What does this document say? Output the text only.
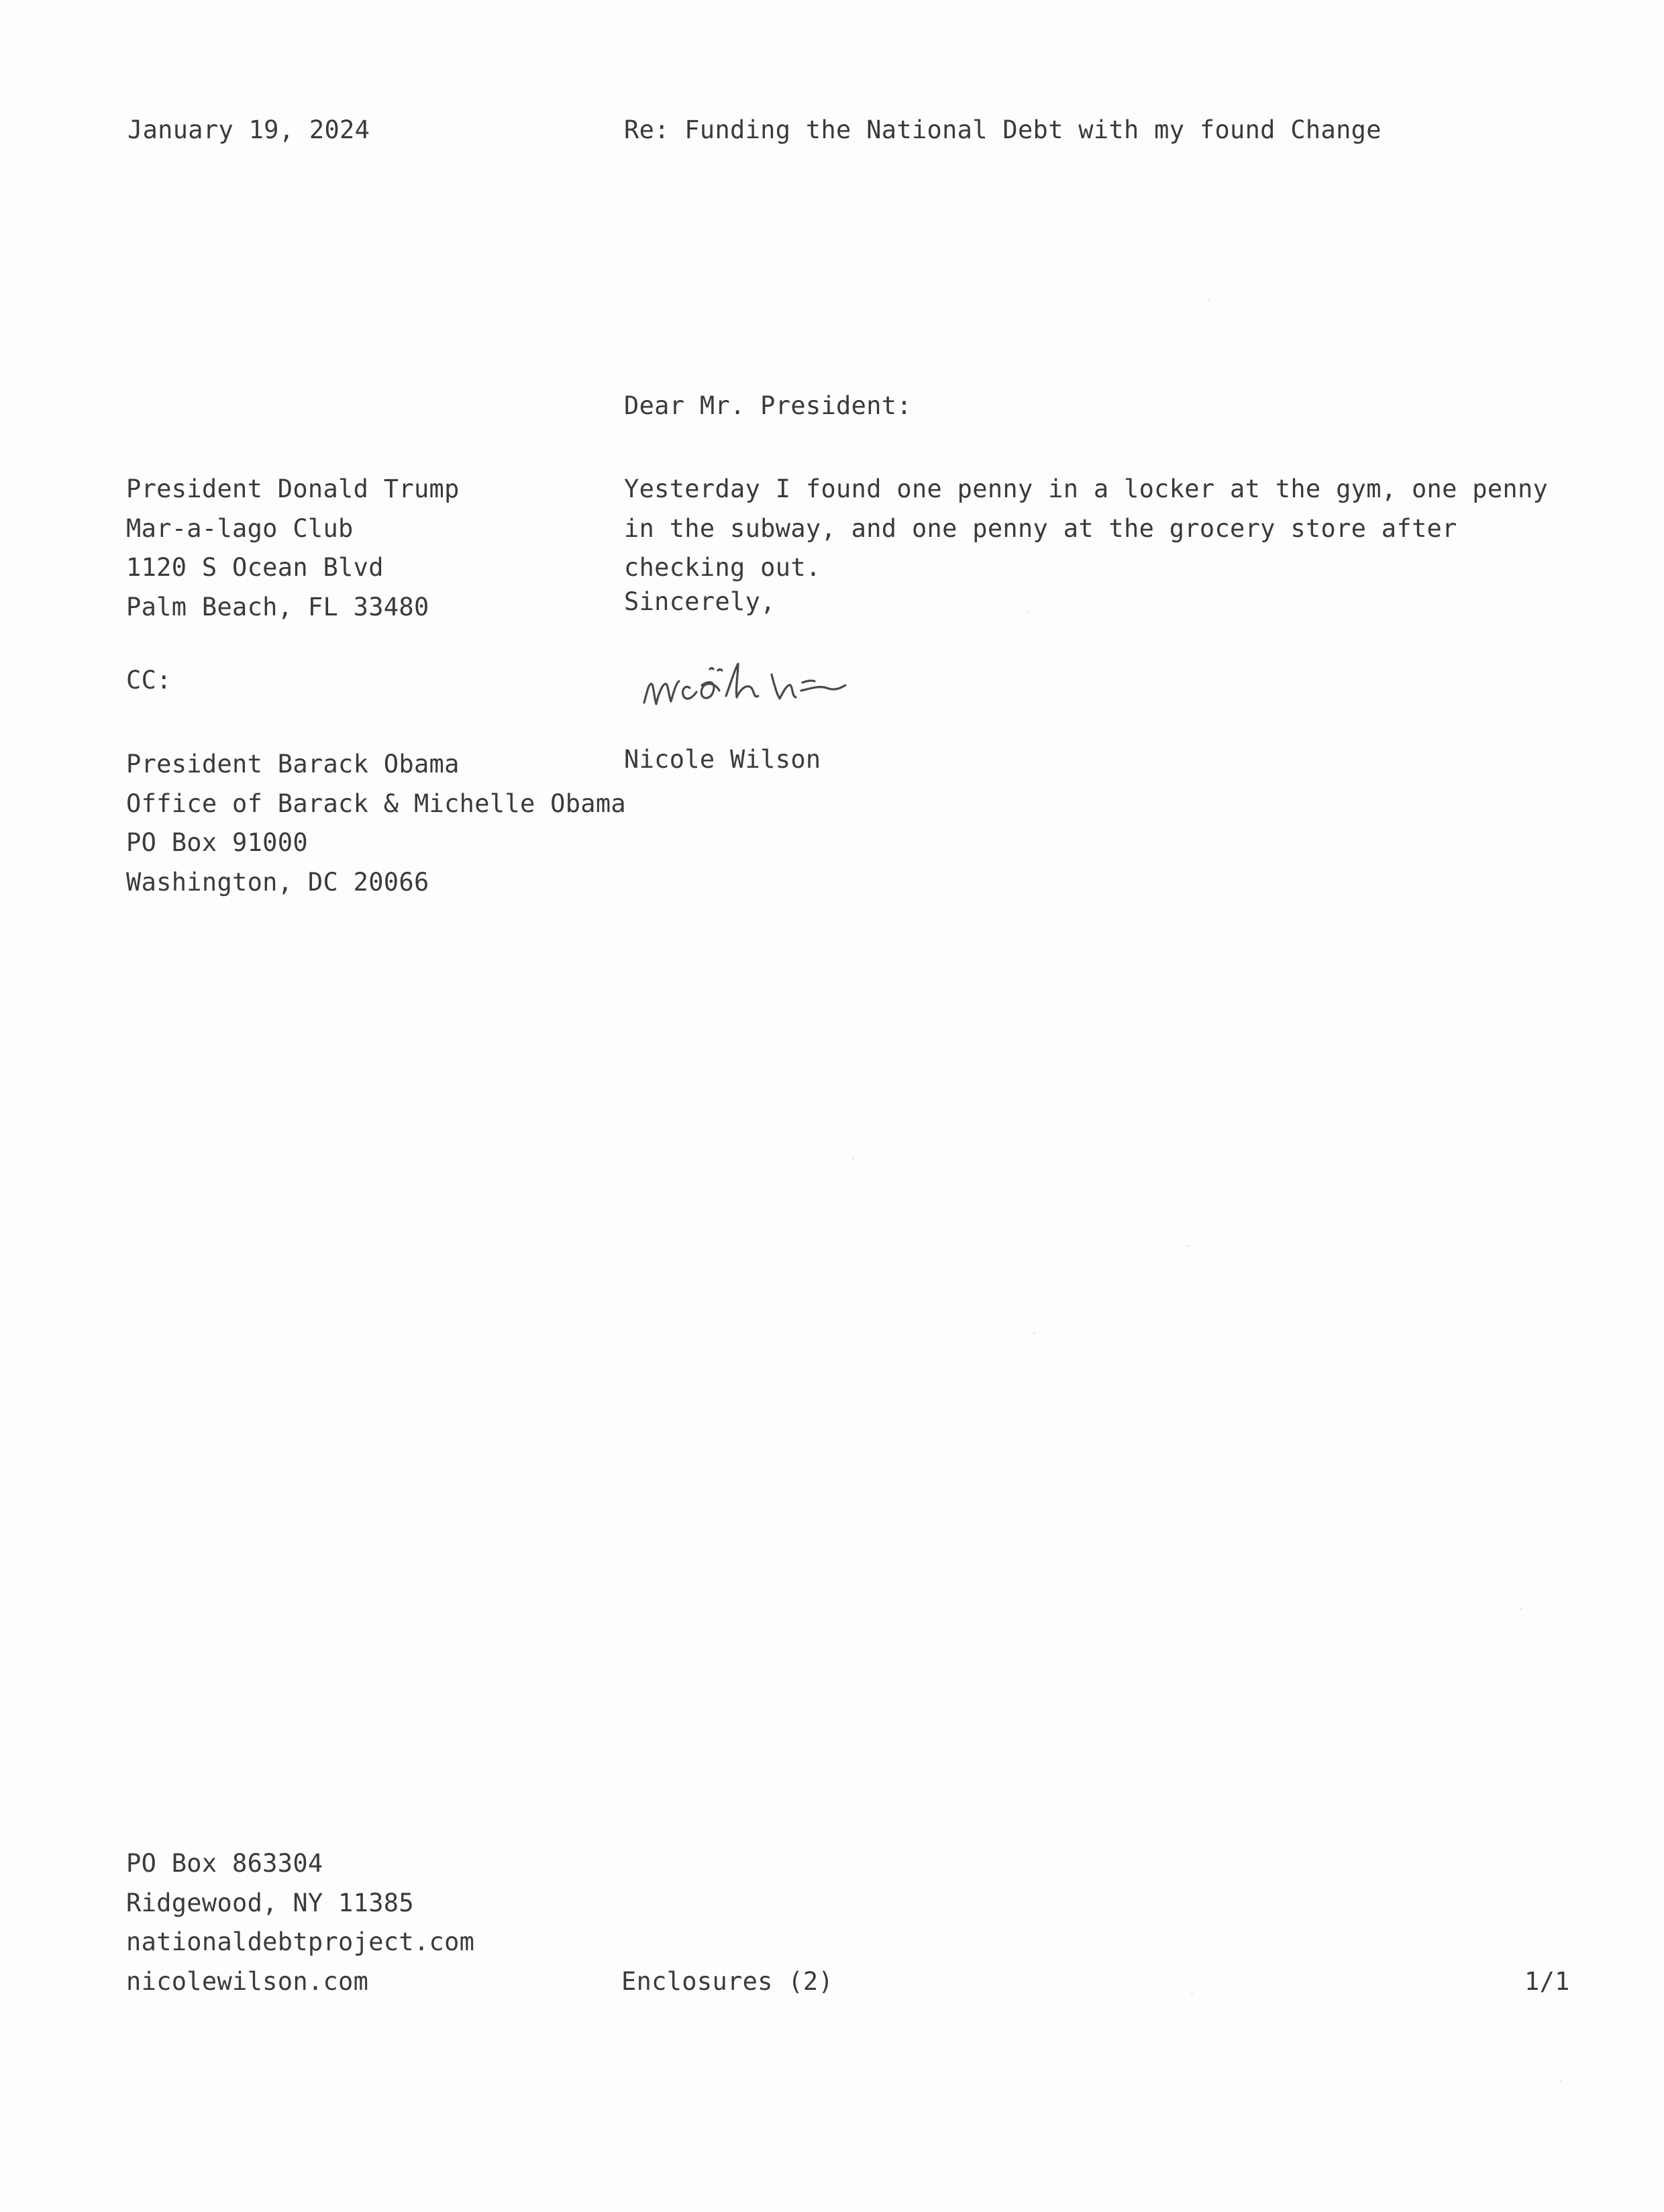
January 19, 2024	Re: Funding the National Debt with my found Change
Dear Mr. President:
President Donald Trump
Mar-a-lago Club
1120 S Ocean Blvd
Palm Beach, FL 33480
Yesterday I found one penny in a locker at the gym, one penny in the subway, and one penny at the grocery store after checking out.
Sincerely,
CC:
President Barack Obama
Office of Barack & Michelle Obama
PO Box 91000
Washington, DC 20066
Nicole Wilson
PO Box 863304
Ridgewood, NY 11385
nationaldebtproject.com
nicolewilson.com	Enclosures (2)	1/1
